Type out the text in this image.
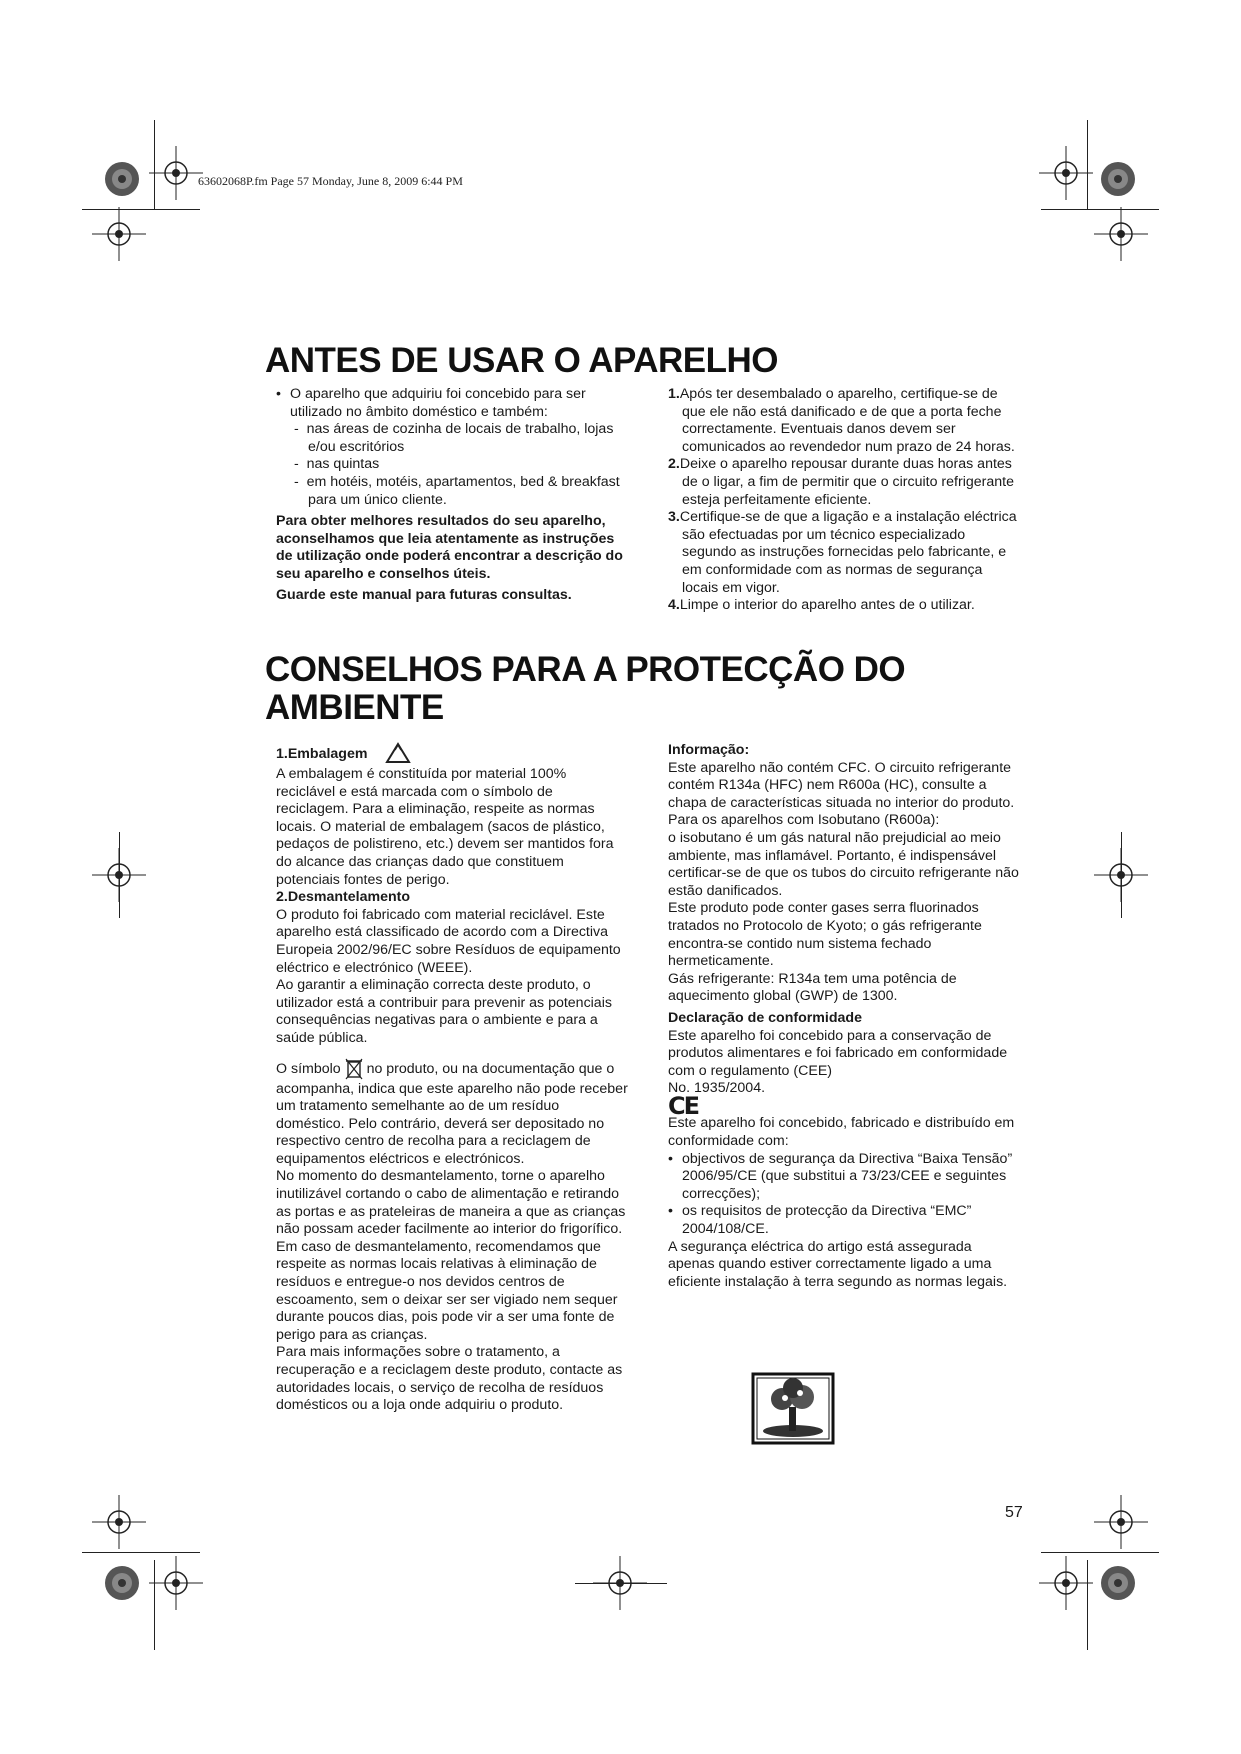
63602068P.fm Page 57 Monday, June 8, 2009 6:44 PM
ANTES DE USAR O APARELHO

• O aparelho que adquiriu foi concebido para ser utilizado no âmbito doméstico e também:

-  nas áreas de cozinha de locais de trabalho, lojas e/ou escritórios

-  nas quintas

-  em hotéis, motéis, apartamentos, bed & breakfast para um único cliente.

Para obter melhores resultados do seu aparelho, aconselhamos que leia atentamente as instruções de utilização onde poderá encontrar a descrição do seu aparelho e conselhos úteis.

Guarde este manual para futuras consultas.

1.Após ter desembalado o aparelho, certifique-se de que ele não está danificado e de que a porta feche correctamente. Eventuais danos devem ser comunicados ao revendedor num prazo de 24 horas.

2.Deixe o aparelho repousar durante duas horas antes de o ligar, a fim de permitir que o circuito refrigerante esteja perfeitamente eficiente.

3.Certifique-se de que a ligação e a instalação eléctrica são efectuadas por um técnico especializado segundo as instruções fornecidas pelo fabricante, e em conformidade com as normas de segurança locais em vigor.

4.Limpe o interior do aparelho antes de o utilizar.

CONSELHOS PARA A PROTECÇÃO DO AMBIENTE

1.Embalagem

A embalagem é constituída por material 100% reciclável e está marcada com o símbolo de reciclagem. Para a eliminação, respeite as normas

locais. O material de embalagem (sacos de plástico, pedaços de polistireno, etc.) devem ser mantidos fora do alcance das crianças dado que constituem potenciais fontes de perigo.

2.Desmantelamento

O produto foi fabricado com material reciclável. Este aparelho está classificado de acordo com a Directiva Europeia 2002/96/EC sobre Resíduos de equipamento eléctrico e electrónico (WEEE).

Ao garantir a eliminação correcta deste produto, o utilizador está a contribuir para prevenir as potenciais consequências negativas para o ambiente e para a saúde pública.

O símbolo no produto, ou na documentação que o acompanha, indica que este aparelho não pode receber um tratamento semelhante ao de um resíduo doméstico. Pelo contrário, deverá ser depositado no respectivo centro de recolha para a reciclagem de equipamentos eléctricos e electrónicos.

No momento do desmantelamento, torne o aparelho inutilizável cortando o cabo de alimentação e retirando as portas e as prateleiras de maneira a que as crianças não possam aceder facilmente ao interior do frigorífico.

Em caso de desmantelamento, recomendamos que respeite as normas locais relativas à eliminação de resíduos e entregue-o nos devidos centros de escoamento, sem o deixar ser ser vigiado nem sequer durante poucos dias, pois pode vir a ser uma fonte de perigo para as crianças.

Para mais informações sobre o tratamento, a recuperação e a reciclagem deste produto, contacte as autoridades locais, o serviço de recolha de resíduos domésticos ou a loja onde adquiriu o produto.

Informação:

Este aparelho não contém CFC. O circuito refrigerante contém R134a (HFC) nem R600a (HC), consulte a chapa de características situada no interior do produto.

Para os aparelhos com Isobutano (R600a):

o isobutano é um gás natural não prejudicial ao meio ambiente, mas inflamável. Portanto, é indispensável certificar-se de que os tubos do circuito refrigerante não estão danificados.

Este produto pode conter gases serra fluorinados tratados no Protocolo de Kyoto; o gás refrigerante encontra-se contido num sistema fechado hermeticamente.

Gás refrigerante: R134a tem uma potência de aquecimento global (GWP) de 1300.

Declaração de conformidade

Este aparelho foi concebido para a conservação de produtos alimentares e foi fabricado em conformidade com o regulamento (CEE)

No. 1935/2004.

CE

Este aparelho foi concebido, fabricado e distribuído em conformidade com:

• objectivos de segurança da Directiva “Baixa Tensão” 2006/95/CE (que substitui a 73/23/CEE e seguintes correcções);

• os requisitos de protecção da Directiva “EMC” 2004/108/CE.

A segurança eléctrica do artigo está assegurada apenas quando estiver correctamente ligado a uma eficiente instalação à terra segundo as normas legais.

57
